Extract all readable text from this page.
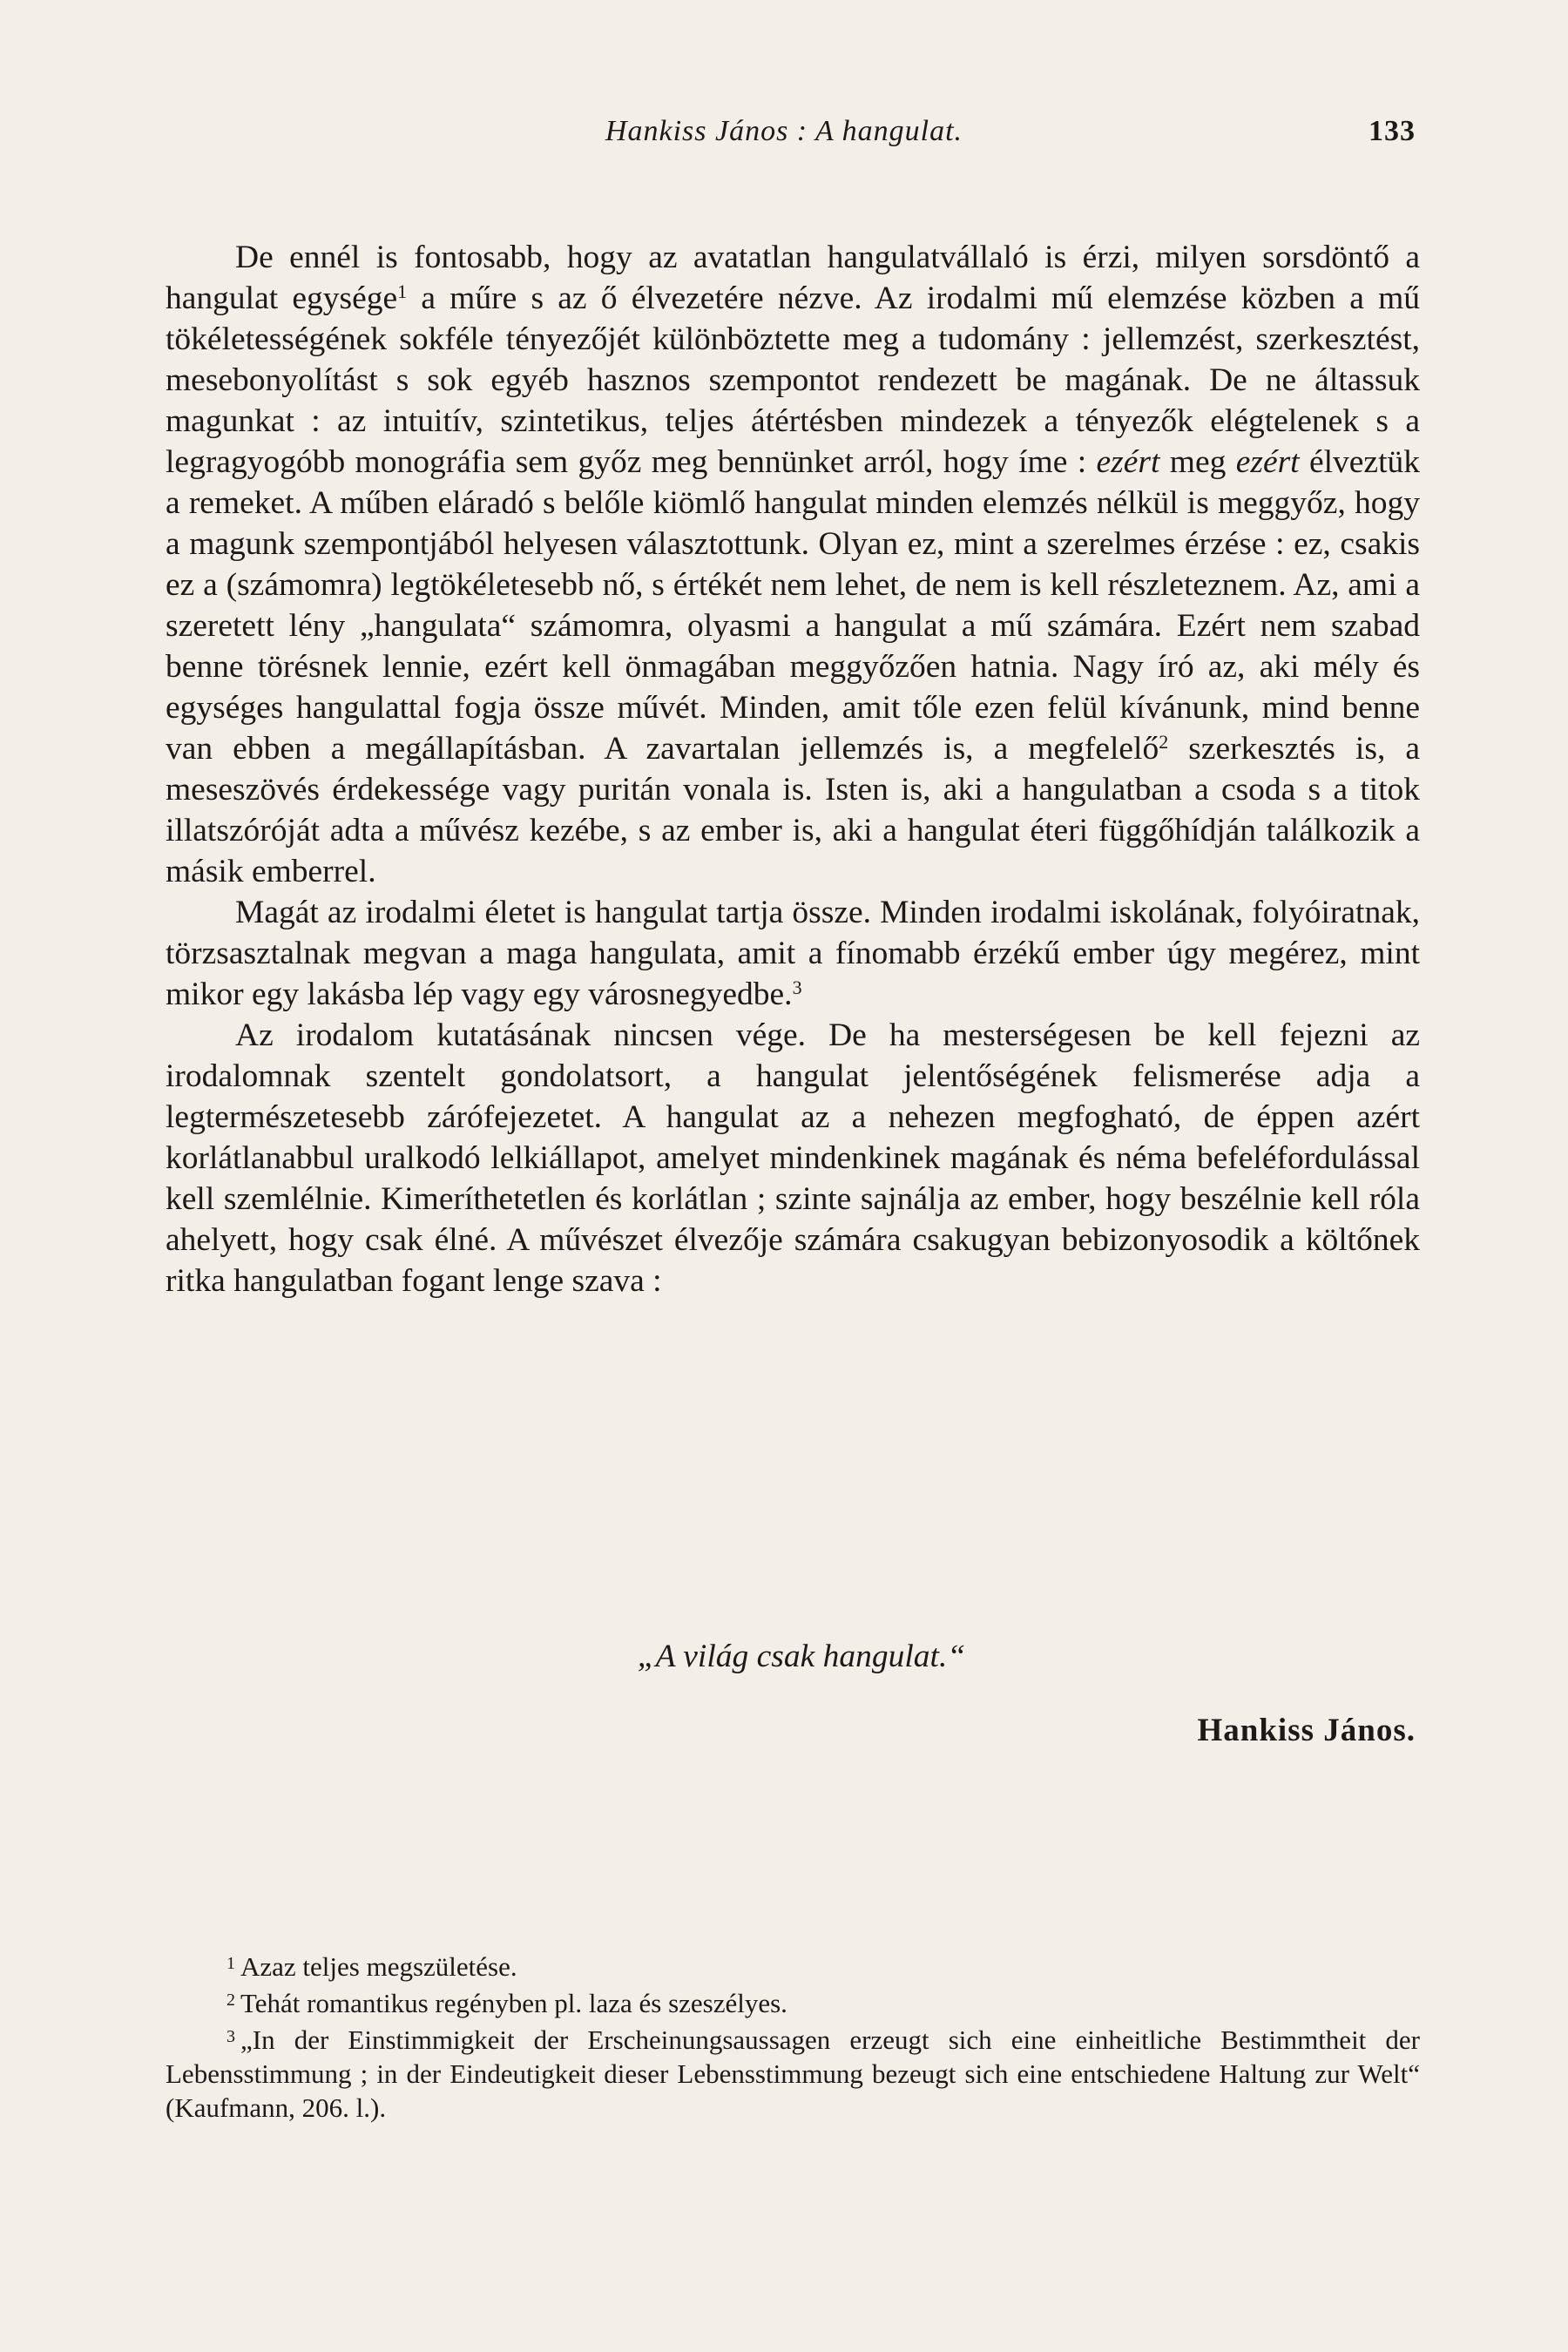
Hankiss János : A hangulat.	133

De ennél is fontosabb, hogy az avatatlan hangulatvállaló is érzi, milyen sorsdöntő a hangulat egysége$^1$ a műre s az ő élvezetére nézve. Az irodalmi mű elemzése közben a mű tökéletességének sokféle tényezőjét különböztette meg a tudomány : jellemzést, szerkesztést, mesebonyolítást s sok egyéb hasznos szempontot rendezett be magának. De ne áltassuk magunkat : az intuitív, szintetikus, teljes átértésben mindezek a tényezők elégtelenek s a legragyogóbb monográfia sem győz meg bennünket arról, hogy íme : ezért meg ezért élveztük a remeket. A műben eláradó s belőle kiömlő hangulat minden elemzés nélkül is meggyőz, hogy a magunk szempontjából helyesen választottunk. Olyan ez, mint a szerelmes érzése : ez, csakis ez a (számomra) legtökéletesebb nő, s értékét nem lehet, de nem is kell részleteznem. Az, ami a szeretett lény „hangulata“ számomra, olyasmi a hangulat a mű számára. Ezért nem szabad benne törésnek lennie, ezért kell önmagában meggyőzően hatnia. Nagy író az, aki mély és egységes hangulattal fogja össze művét. Minden, amit tőle ezen felül kívánunk, mind benne van ebben a megállapításban. A zavartalan jellemzés is, a megfelelő$^2$ szerkesztés is, a meseszövés érdekessége vagy puritán vonala is. Isten is, aki a hangulatban a csoda s a titok illatszóróját adta a művész kezébe, s az ember is, aki a hangulat éteri függőhídján találkozik a másik emberrel.

Magát az irodalmi életet is hangulat tartja össze. Minden irodalmi iskolának, folyóiratnak, törzsasztalnak megvan a maga hangulata, amit a fínomabb érzékű ember úgy megérez, mint mikor egy lakásba lép vagy egy városnegyedbe.$^3$

Az irodalom kutatásának nincsen vége. De ha mesterségesen be kell fejezni az irodalomnak szentelt gondolatsort, a hangulat jelentőségének felismerése adja a legtermészetesebb zárófejezetet. A hangulat az a nehezen megfogható, de éppen azért korlátlanabbul uralkodó lelkiállapot, amelyet mindenkinek magának és néma befeléfordulással kell szemlélnie. Kimeríthetetlen és korlátlan ; szinte sajnálja az ember, hogy beszélnie kell róla ahelyett, hogy csak élné. A művészet élvezője számára csakugyan bebizonyosodik a költőnek ritka hangulatban fogant lenge szava :

„A világ csak hangulat.“
Hankiss János.

$^1$ Azaz teljes megszületése.

$^2$ Tehát romantikus regényben pl. laza és szeszélyes.

$^3$ „In der Einstimmigkeit der Erscheinungsaussagen erzeugt sich eine einheitliche Bestimmtheit der Lebensstimmung ; in der Eindeutigkeit dieser Lebensstimmung bezeugt sich eine entschiedene Haltung zur Welt“ (Kaufmann, 206. l.).
